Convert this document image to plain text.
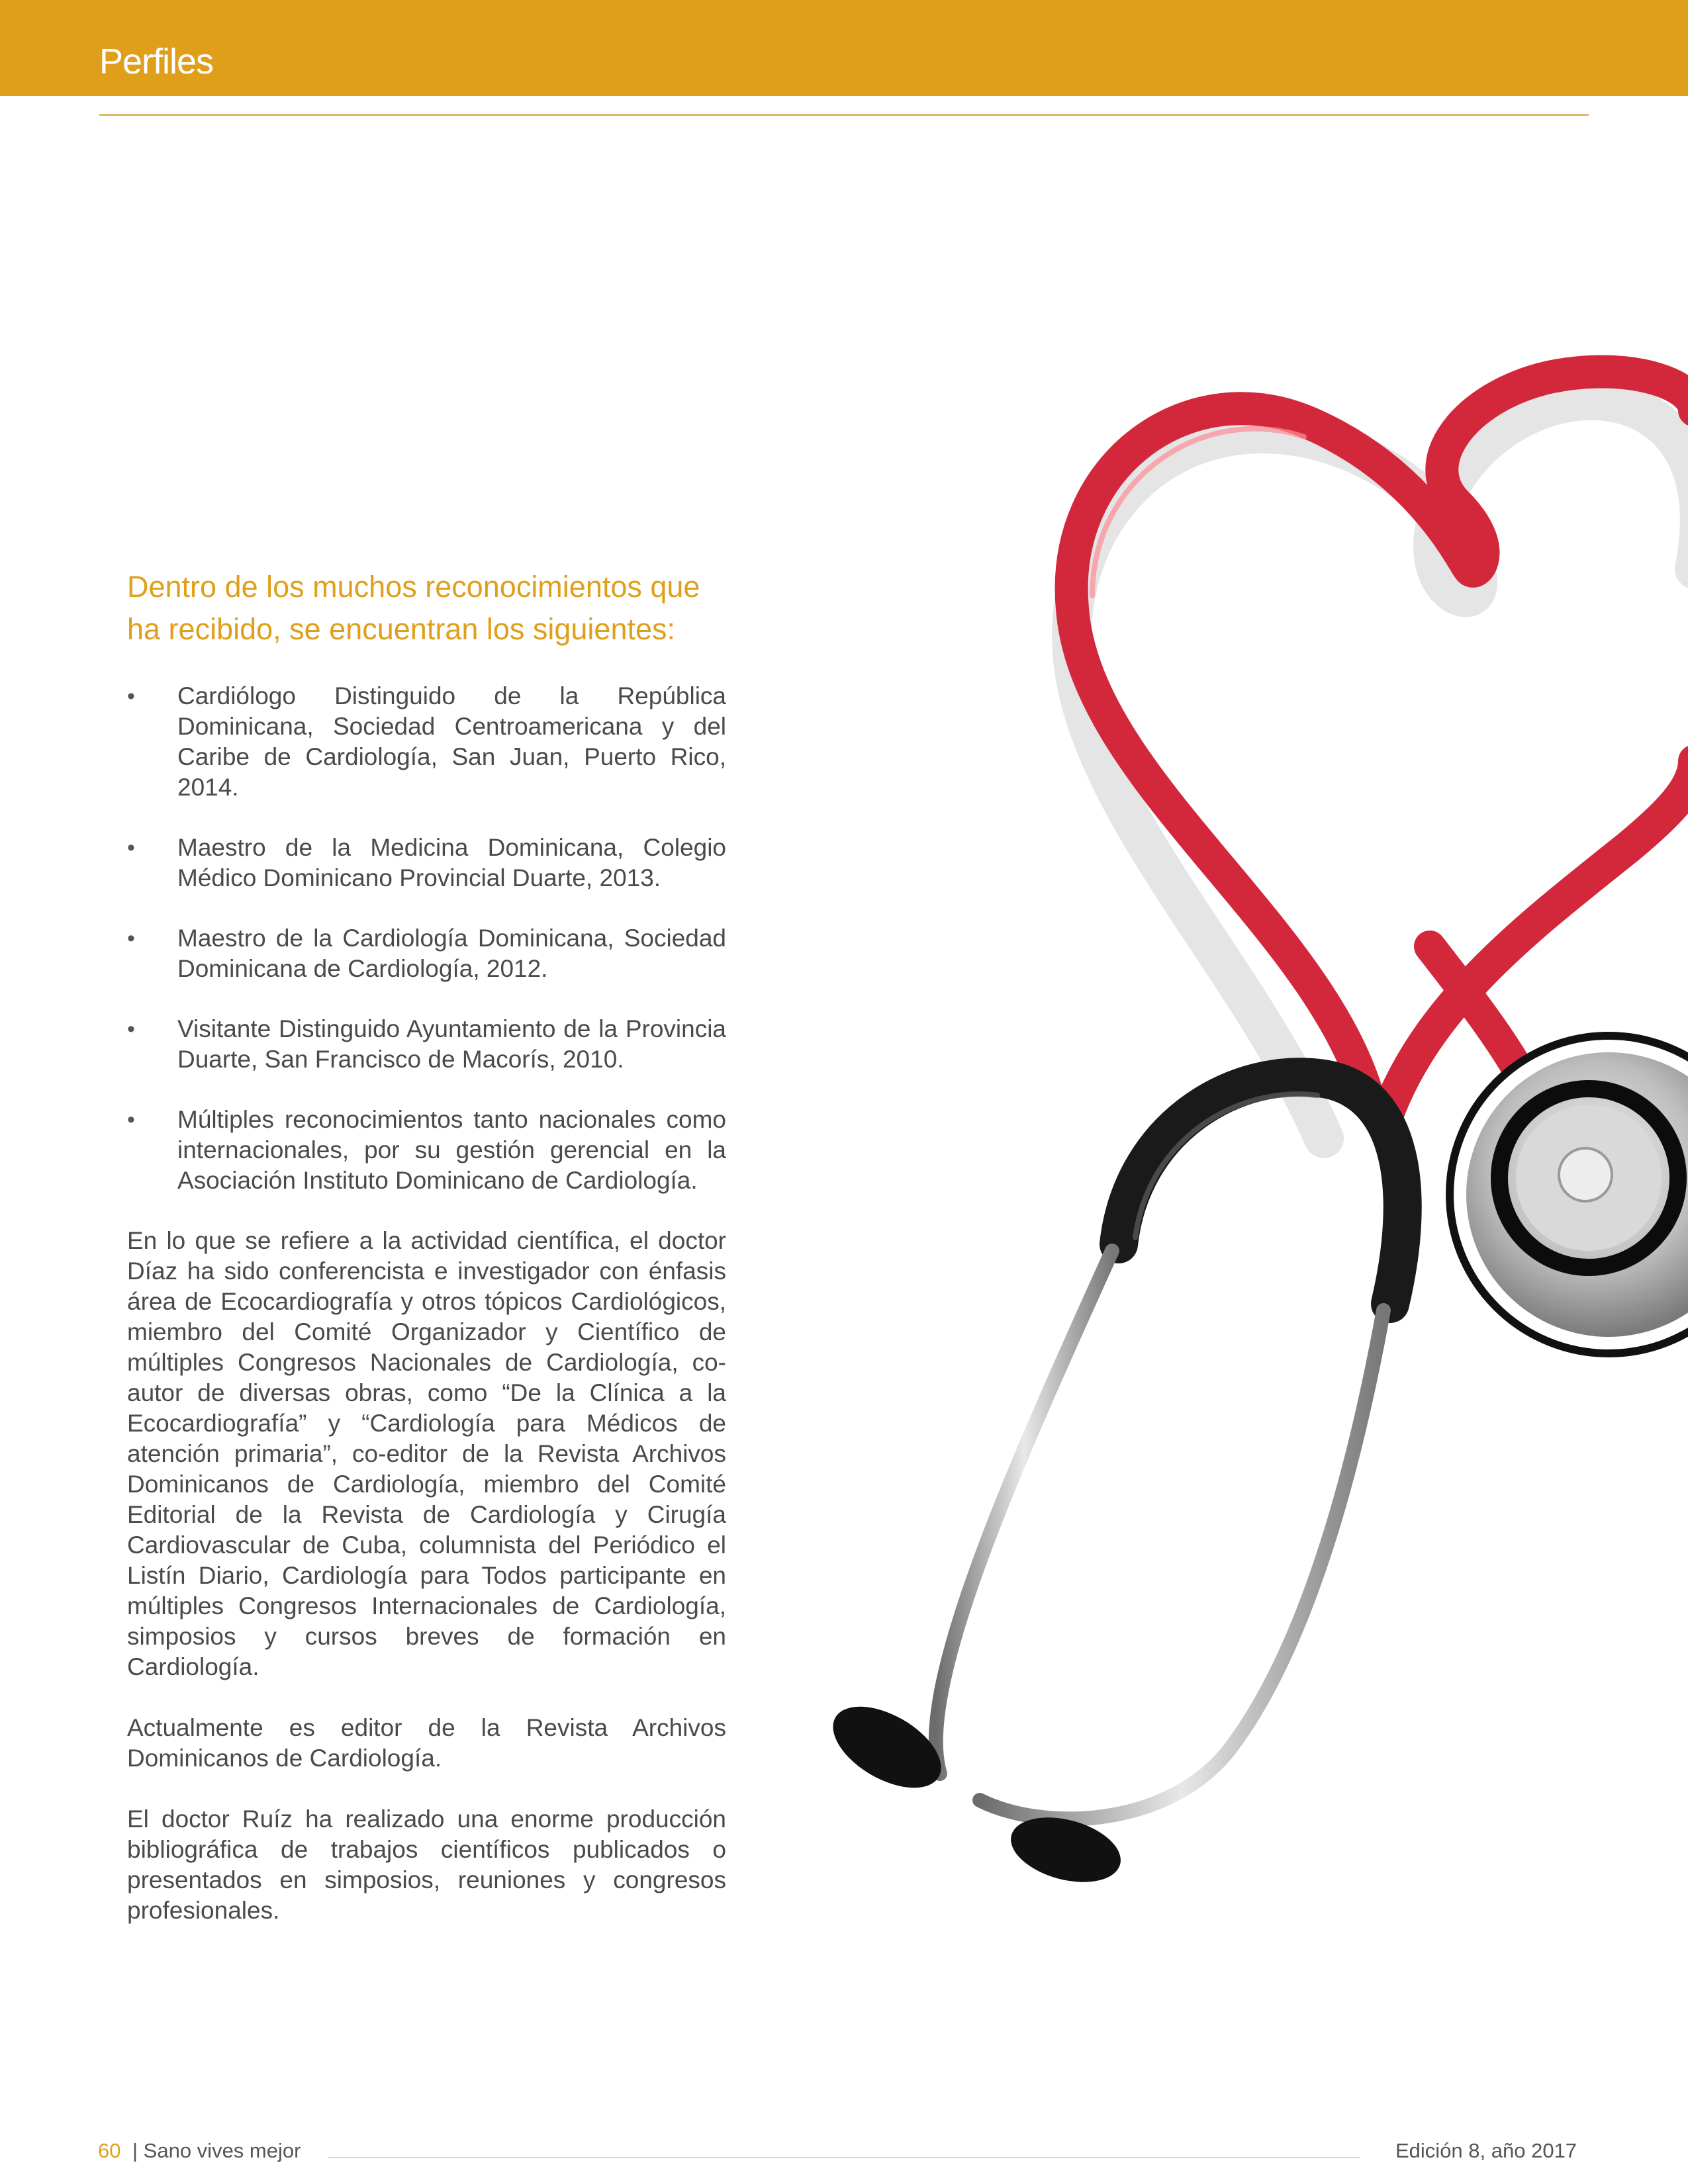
Perfiles

Dentro de los muchos reconocimientos que ha recibido, se encuentran los siguientes:

• Cardiólogo Distinguido de la República Dominicana, Sociedad Centroamericana y del Caribe de Cardiología, San Juan, Puerto Rico, 2014.
• Maestro de la Medicina Dominicana, Colegio Médico Dominicano Provincial Duarte, 2013.
• Maestro de la Cardiología Dominicana, Sociedad Dominicana de Cardiología, 2012.
• Visitante Distinguido Ayuntamiento de la Provincia Duarte, San Francisco de Macorís, 2010.
• Múltiples reconocimientos tanto nacionales como internacionales, por su gestión gerencial en la Asociación Instituto Dominicano de Cardiología.

En lo que se refiere a la actividad científica, el doctor Díaz ha sido conferencista e investigador con énfasis área de Ecocardiografía y otros tópicos Cardiológicos, miembro del Comité Organizador y Científico de múltiples Congresos Nacionales de Cardiología, co-autor de diversas obras, como “De la Clínica a la Ecocardiografía” y “Cardiología para Médicos de atención primaria”, co-editor de la Revista Archivos Dominicanos de Cardiología, miembro del Comité Editorial de la Revista de Cardiología y Cirugía Cardiovascular de Cuba, columnista del Periódico el Listín Diario, Cardiología para Todos participante en múltiples Congresos Internacionales de Cardiología, simposios y cursos breves de formación en Cardiología.

Actualmente es editor de la Revista Archivos Dominicanos de Cardiología.

El doctor Ruíz ha realizado una enorme producción bibliográfica de trabajos científicos publicados o presentados en simposios, reuniones y congresos profesionales.

60 | Sano vives mejor	Edición 8, año 2017
